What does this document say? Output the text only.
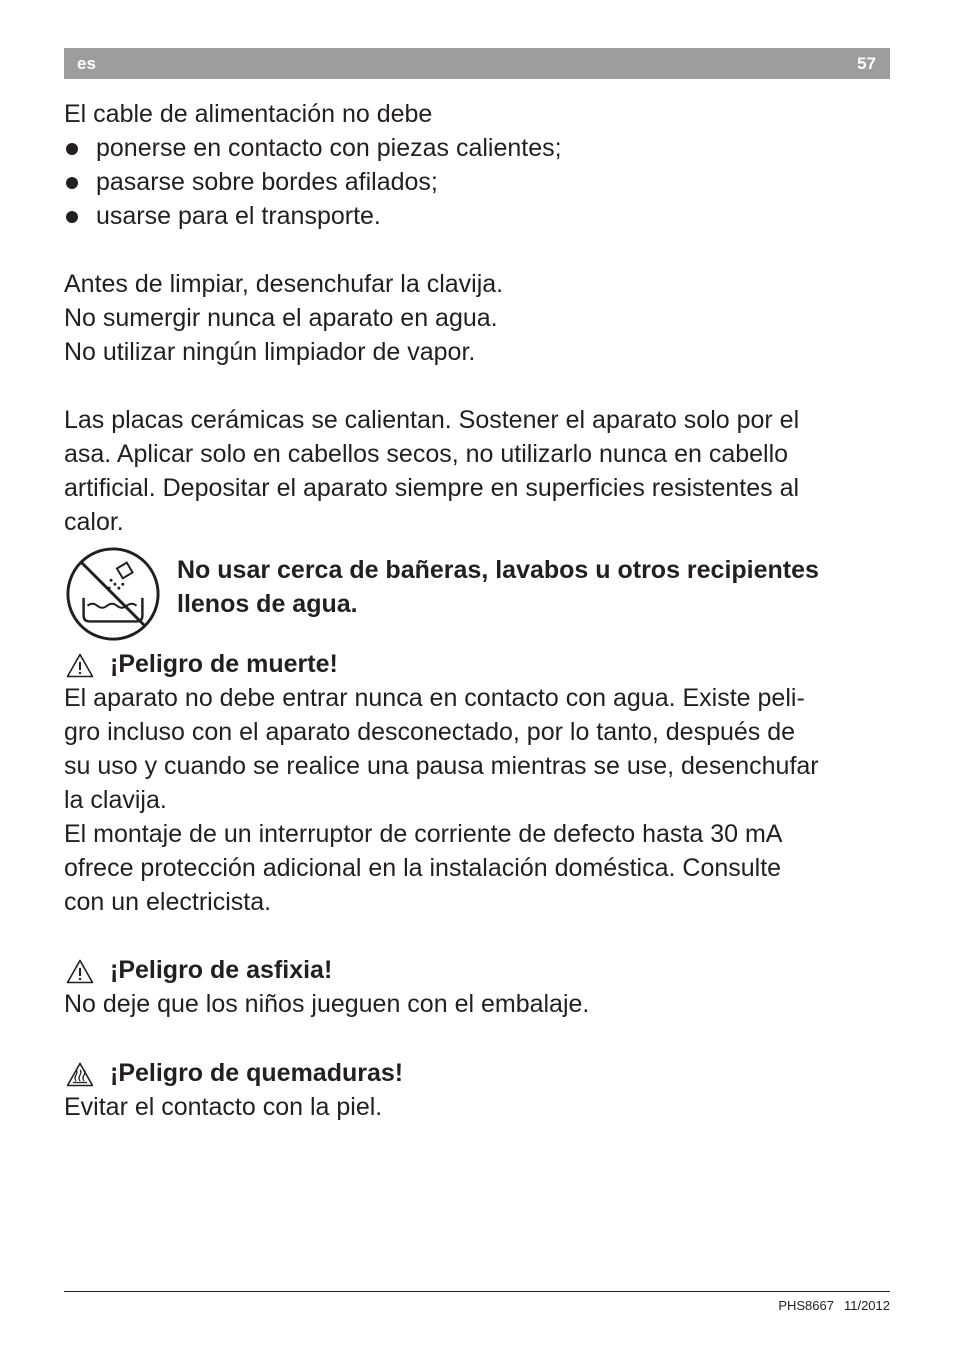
es	57

El cable de alimentación no debe

ponerse en contacto con piezas calientes;
pasarse sobre bordes afilados;
usarse para el transporte.

Antes de limpiar, desenchufar la clavija.

No sumergir nunca el aparato en agua.

No utilizar ningún limpiador de vapor.

Las placas cerámicas se calientan. Sostener el aparato solo por el

asa. Aplicar solo en cabellos secos, no utilizarlo nunca en cabello

artificial. Depositar el aparato siempre en superficies resistentes al

calor.

No usar cerca de bañeras, lavabos u otros recipientes

llenos de agua.

¡Peligro de muerte!

El aparato no debe entrar nunca en contacto con agua. Existe peli-

gro incluso con el aparato desconectado, por lo tanto, después de

su uso y cuando se realice una pausa mientras se use, desenchufar

la clavija.

El montaje de un interruptor de corriente de defecto hasta 30 mA

ofrece protección adicional en la instalación doméstica. Consulte

con un electricista.

¡Peligro de asfixia!

No deje que los niños jueguen con el embalaje.

¡Peligro de quemaduras!

Evitar el contacto con la piel.

PHS8667 11/2012
